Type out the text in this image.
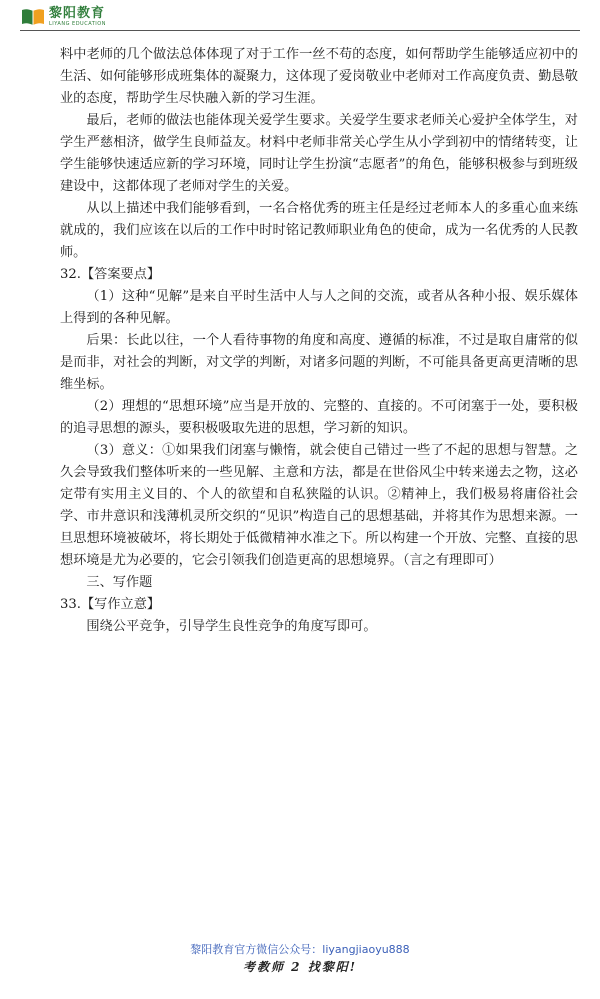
黎阳教育
LIYANG EDUCATION

料中老师的几个做法总体体现了对于工作一丝不苟的态度，如何帮助学生能够适应初中的生活、如何能够形成班集体的凝聚力，这体现了爱岗敬业中老师对工作高度负责、勤恳敬业的态度，帮助学生尽快融入新的学习生涯。

最后，老师的做法也能体现关爱学生要求。关爱学生要求老师关心爱护全体学生，对学生严慈相济，做学生良师益友。材料中老师非常关心学生从小学到初中的情绪转变，让学生能够快速适应新的学习环境，同时让学生扮演“志愿者”的角色，能够积极参与到班级建设中，这都体现了老师对学生的关爱。

从以上描述中我们能够看到，一名合格优秀的班主任是经过老师本人的多重心血来练就成的，我们应该在以后的工作中时时铭记教师职业角色的使命，成为一名优秀的人民教师。

32.【答案要点】

（1）这种“见解”是来自平时生活中人与人之间的交流，或者从各种小报、娱乐媒体上得到的各种见解。

后果：长此以往，一个人看待事物的角度和高度、遵循的标准，不过是取自庸常的似是而非，对社会的判断，对文学的判断，对诸多问题的判断，不可能具备更高更清晰的思维坐标。

（2）理想的“思想环境”应当是开放的、完整的、直接的。不可闭塞于一处，要积极的追寻思想的源头，要积极吸取先进的思想，学习新的知识。

（3）意义：①如果我们闭塞与懒惰，就会使自己错过一些了不起的思想与智慧。之久会导致我们整体听来的一些见解、主意和方法，都是在世俗风尘中转来递去之物，这必定带有实用主义目的、个人的欲望和自私狭隘的认识。②精神上，我们极易将庸俗社会学、市井意识和浅薄机灵所交织的“见识”构造自己的思想基础，并将其作为思想来源。一旦思想环境被破坏，将长期处于低微精神水准之下。所以构建一个开放、完整、直接的思想环境是尤为必要的，它会引领我们创造更高的思想境界。（言之有理即可）

三、写作题

33.【写作立意】

围绕公平竞争，引导学生良性竞争的角度写即可。

黎阳教育官方微信公众号：liyangjiaoyu888
考教师 2 找黎阳!
